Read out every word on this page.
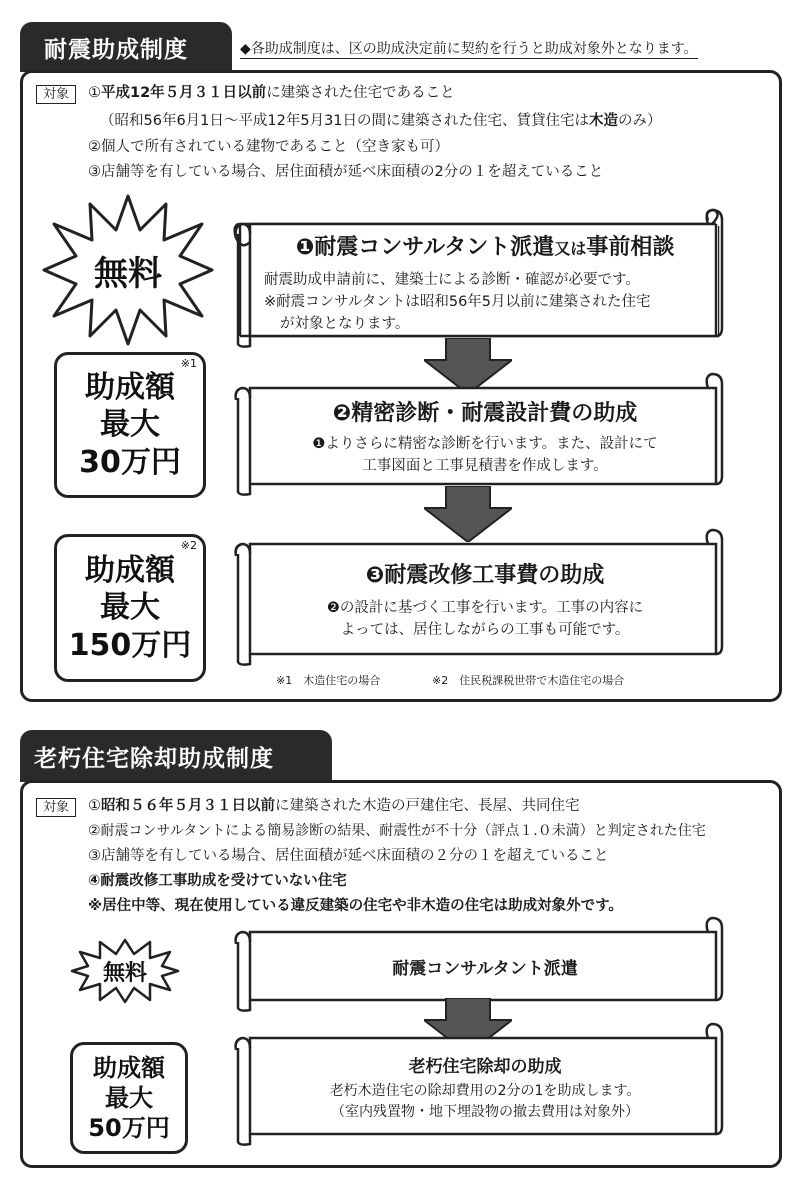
耐震助成制度	◆各助成制度は、区の助成決定前に契約を行うと助成対象外となります。
対象	①平成12年５月３１日以前に建築された住宅であること
（昭和56年6月1日～平成12年5月31日の間に建築された住宅、賃貸住宅は木造のみ）
②個人で所有されている建物であること（空き家も可）
③店舗等を有している場合、居住面積が延べ床面積の2分の１を超えていること
無料
※1
助成額
最大
30万円
※2
助成額
最大
150万円
❶耐震コンサルタント派遣又は事前相談
耐震助成申請前に、建築士による診断・確認が必要です。
※耐震コンサルタントは昭和56年5月以前に建築された住宅
が対象となります。
❷精密診断・耐震設計費の助成
❶よりさらに精密な診断を行います。また、設計にて
工事図面と工事見積書を作成します。
❸耐震改修工事費の助成
❷の設計に基づく工事を行います。工事の内容に
よっては、居住しながらの工事も可能です。
※1　木造住宅の場合	※2　住民税課税世帯で木造住宅の場合
老朽住宅除却助成制度
対象	①昭和５６年５月３１日以前に建築された木造の戸建住宅、長屋、共同住宅
②耐震コンサルタントによる簡易診断の結果、耐震性が不十分（評点１.０未満）と判定された住宅
③店舗等を有している場合、居住面積が延べ床面積の２分の１を超えていること
④耐震改修工事助成を受けていない住宅
※居住中等、現在使用している違反建築の住宅や非木造の住宅は助成対象外です。
無料
助成額
最大
50万円
耐震コンサルタント派遣
老朽住宅除却の助成
老朽木造住宅の除却費用の2分の1を助成します。
（室内残置物・地下埋設物の撤去費用は対象外）
